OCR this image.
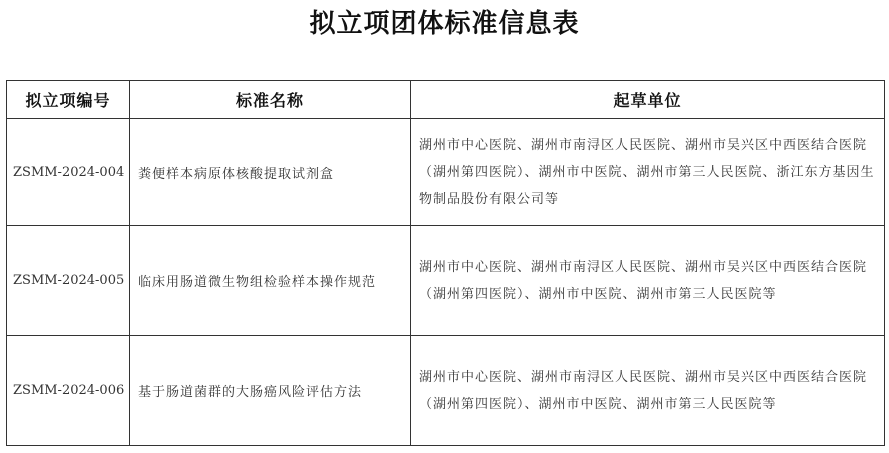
拟立项团体标准信息表
拟立项编号	标准名称	起草单位
ZSMM-2024-004	粪便样本病原体核酸提取试剂盒	湖州市中心医院、湖州市南浔区人民医院、湖州市吴兴区中西医结合医院（湖州第四医院）、湖州市中医院、湖州市第三人民医院、浙江东方基因生物制品股份有限公司等
ZSMM-2024-005	临床用肠道微生物组检验样本操作规范	湖州市中心医院、湖州市南浔区人民医院、湖州市吴兴区中西医结合医院（湖州第四医院）、湖州市中医院、湖州市第三人民医院等
ZSMM-2024-006	基于肠道菌群的大肠癌风险评估方法	湖州市中心医院、湖州市南浔区人民医院、湖州市吴兴区中西医结合医院（湖州第四医院）、湖州市中医院、湖州市第三人民医院等
